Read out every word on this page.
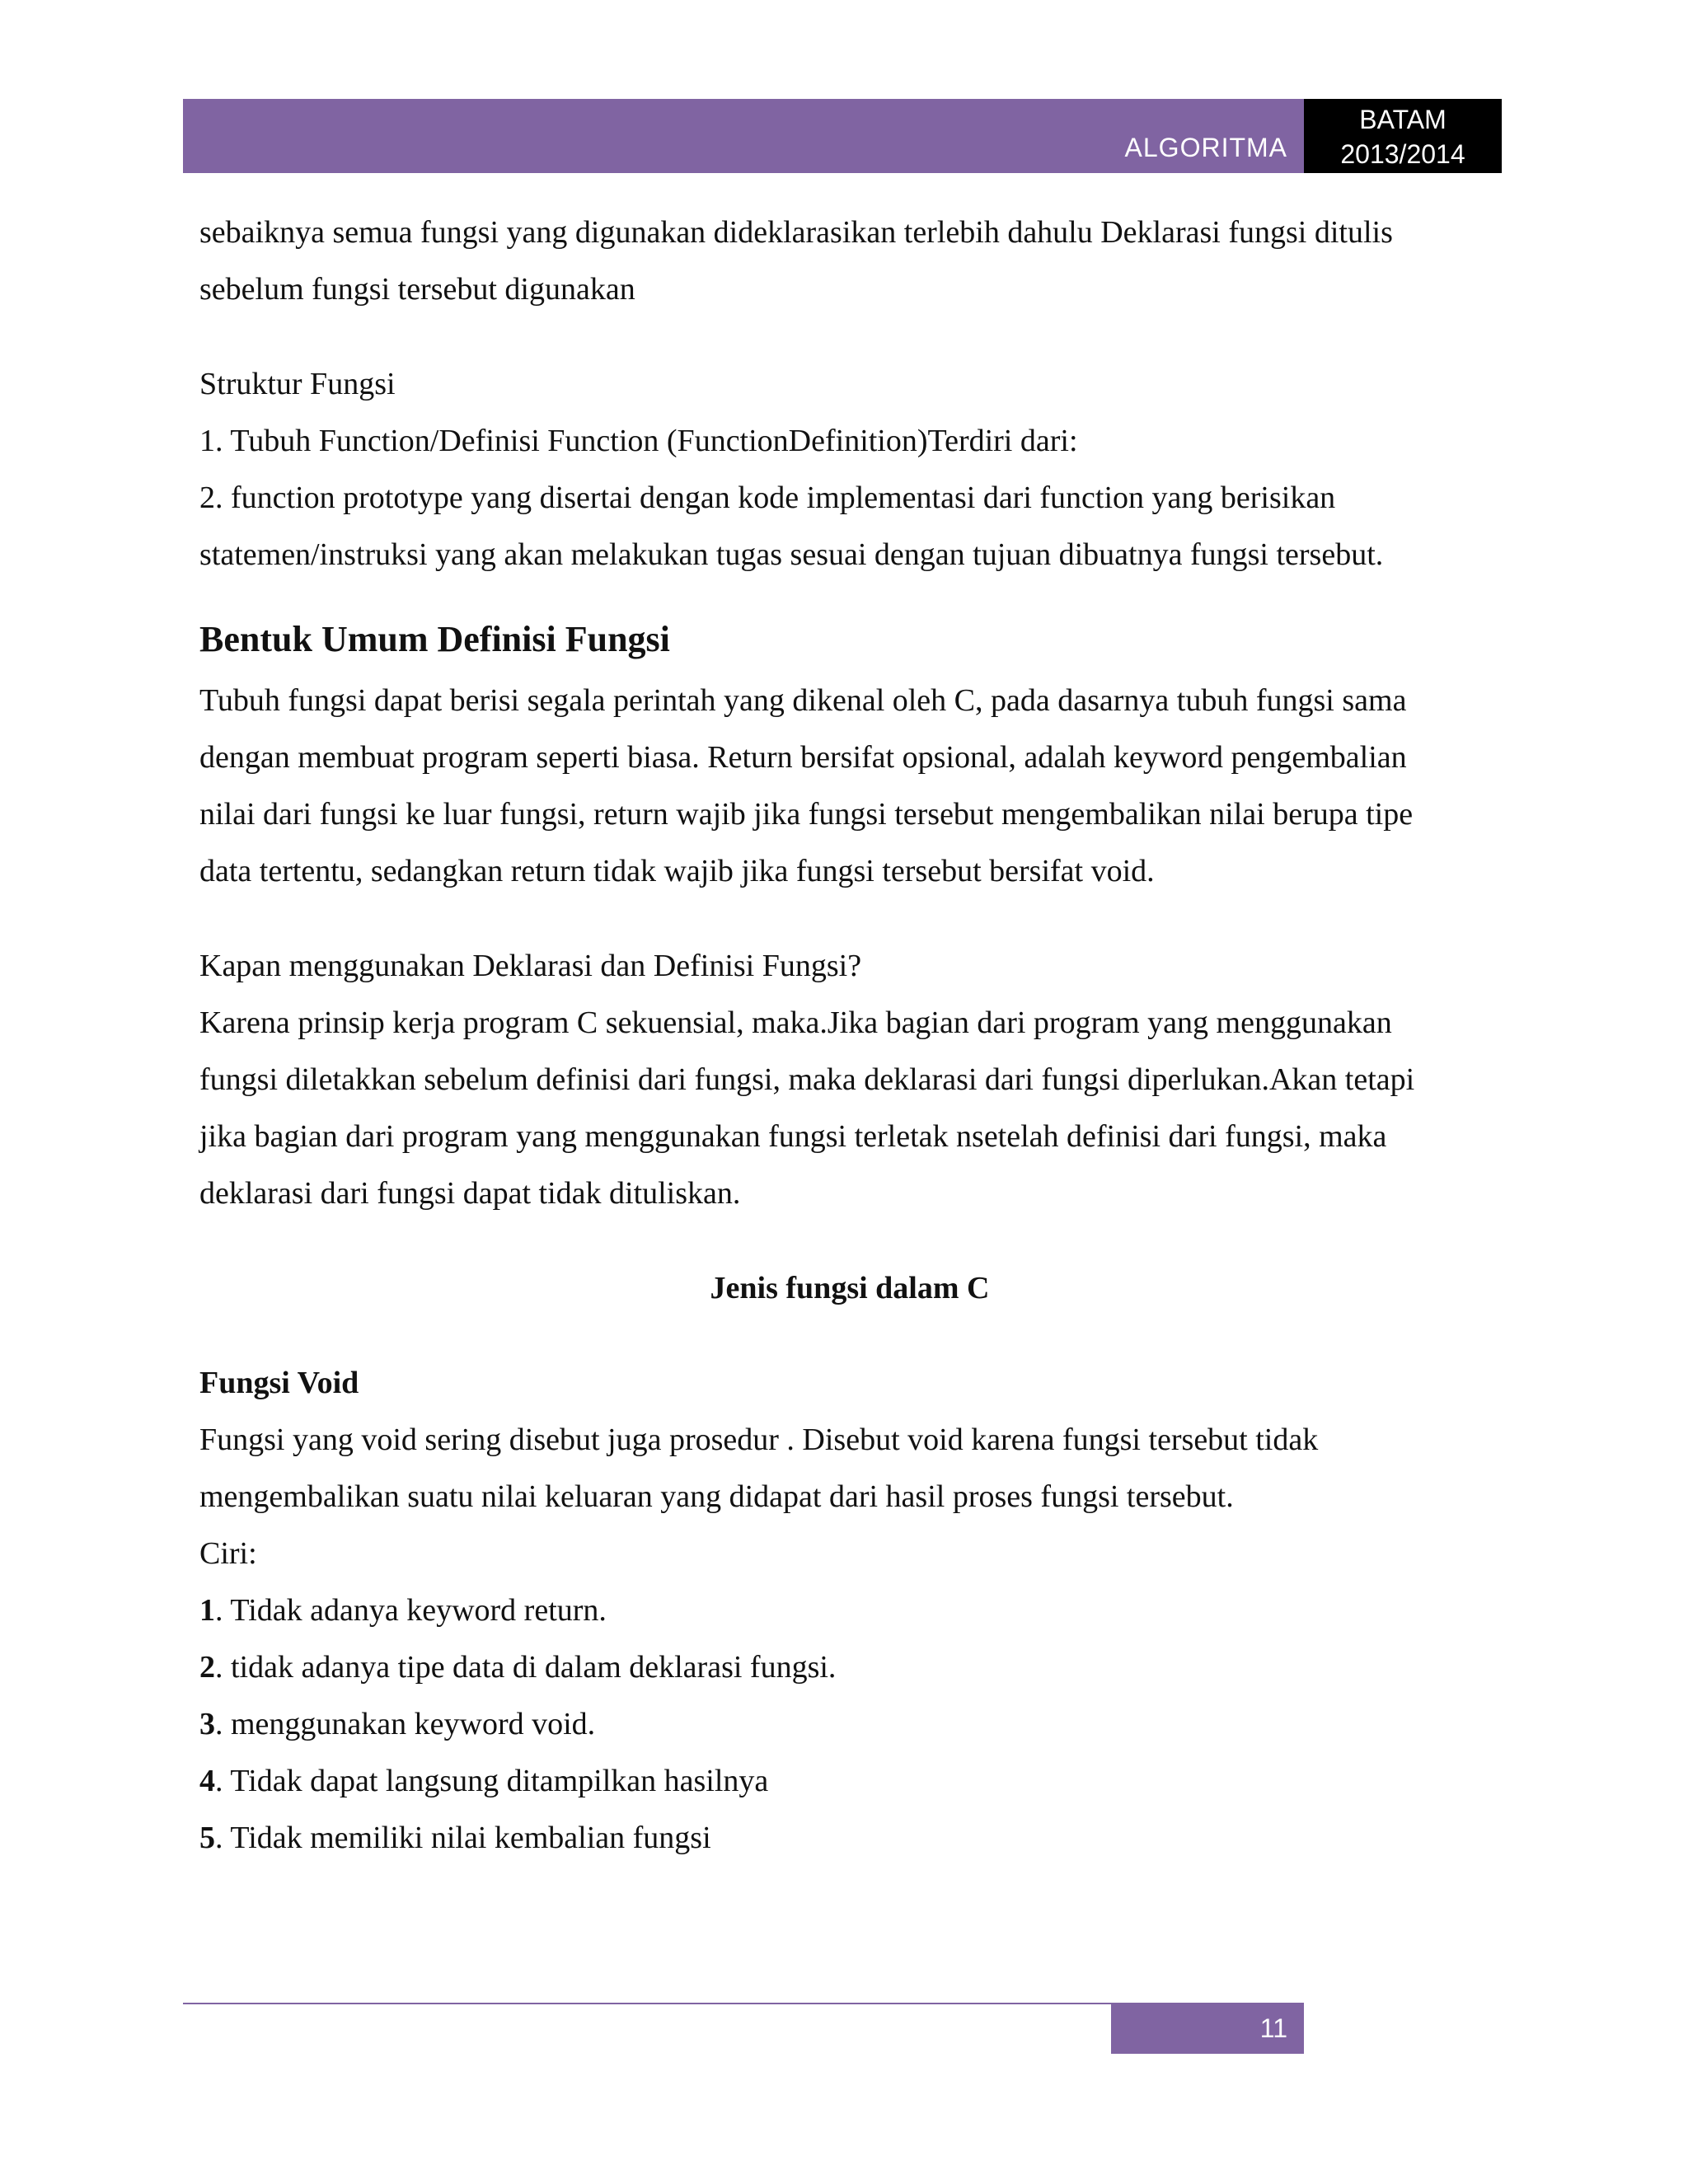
ALGORITMA
BATAM
2013/2014

sebaiknya semua fungsi yang digunakan dideklarasikan terlebih dahulu Deklarasi fungsi ditulis

sebelum fungsi tersebut digunakan

Struktur Fungsi

1. Tubuh Function/Definisi Function (FunctionDefinition)Terdiri dari:

2. function prototype yang disertai dengan kode implementasi dari function yang berisikan

statemen/instruksi yang akan melakukan tugas sesuai dengan tujuan dibuatnya fungsi tersebut.

Bentuk Umum Definisi Fungsi

Tubuh fungsi dapat berisi segala perintah yang dikenal oleh C, pada dasarnya tubuh fungsi sama

dengan membuat program seperti biasa. Return bersifat opsional, adalah keyword pengembalian

nilai dari fungsi ke luar fungsi, return wajib jika fungsi tersebut mengembalikan nilai berupa tipe

data tertentu, sedangkan return tidak wajib jika fungsi tersebut bersifat void.

Kapan menggunakan Deklarasi dan Definisi Fungsi?

Karena prinsip kerja program C sekuensial, maka.Jika bagian dari program yang menggunakan

fungsi diletakkan sebelum definisi dari fungsi, maka deklarasi dari fungsi diperlukan.Akan tetapi

jika bagian dari program yang menggunakan fungsi terletak nsetelah definisi dari fungsi, maka

deklarasi dari fungsi dapat tidak dituliskan.

Jenis fungsi dalam C

Fungsi Void

Fungsi yang void sering disebut juga prosedur . Disebut void karena fungsi tersebut tidak

mengembalikan suatu nilai keluaran yang didapat dari hasil proses fungsi tersebut.

Ciri:

1. Tidak adanya keyword return.

2. tidak adanya tipe data di dalam deklarasi fungsi.

3. menggunakan keyword void.

4. Tidak dapat langsung ditampilkan hasilnya

5. Tidak memiliki nilai kembalian fungsi

11
